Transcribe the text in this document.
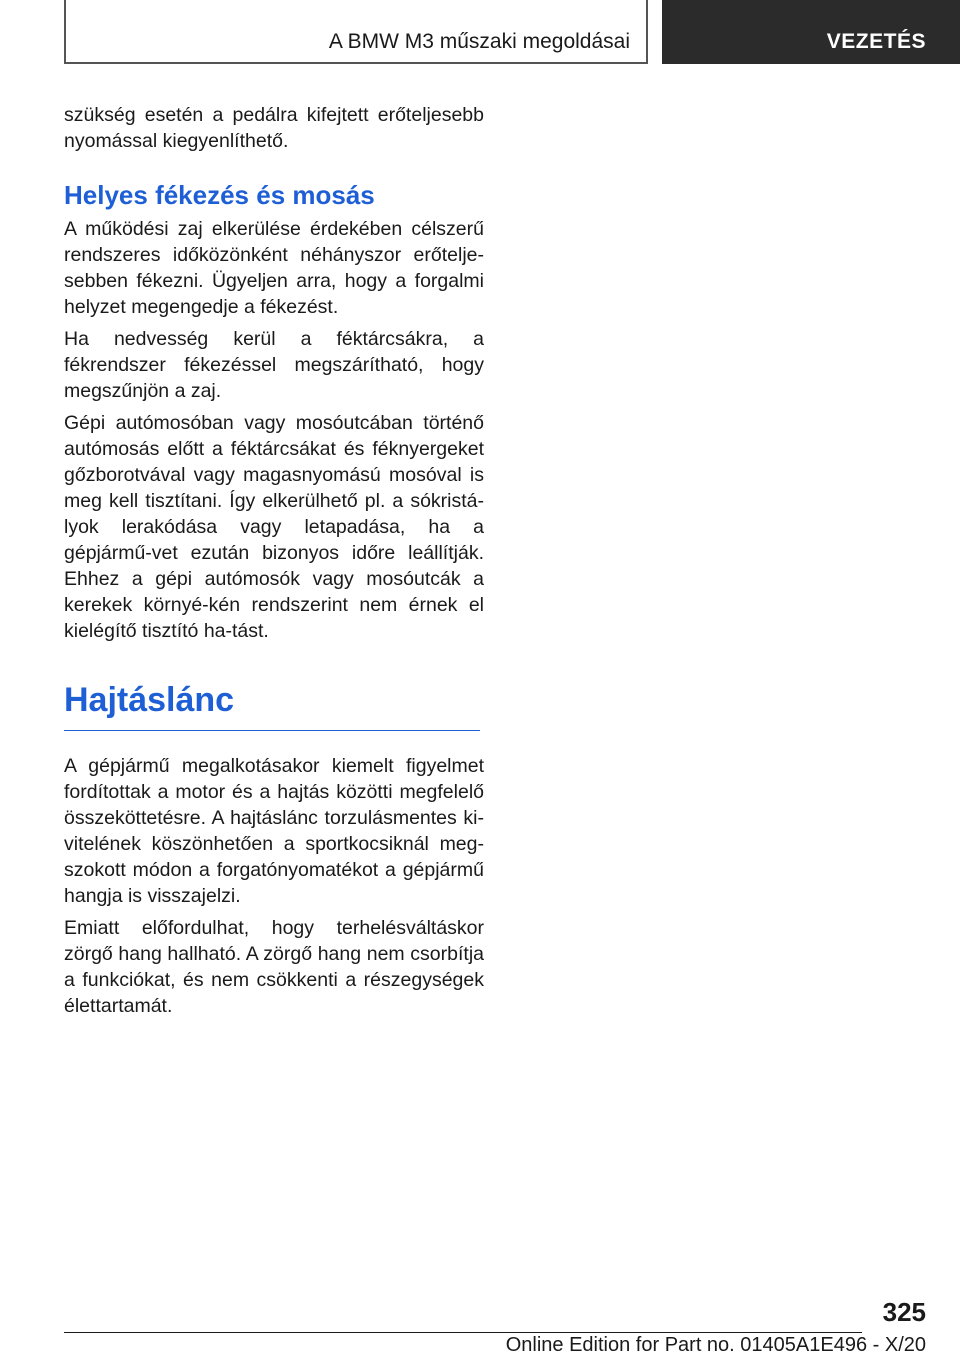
A BMW M3 műszaki megoldásai	VEZETÉS

szükség esetén a pedálra kifejtett erőteljesebb nyomással kiegyenlíthető.

Helyes fékezés és mosás

A működési zaj elkerülése érdekében célszerű rendszeres időközönként néhányszor erőtelje-sebben fékezni. Ügyeljen arra, hogy a forgalmi helyzet megengedje a fékezést.

Ha nedvesség kerül a féktárcsákra, a fékrendszer fékezéssel megszárítható, hogy megszűnjön a zaj.

Gépi autómosóban vagy mosóutcában történő autómosás előtt a féktárcsákat és féknyergeket gőzborotvával vagy magasnyomású mosóval is meg kell tisztítani. Így elkerülhető pl. a sókristá-lyok lerakódása vagy letapadása, ha a gépjármű-vet ezután bizonyos időre leállítják. Ehhez a gépi autómosók vagy mosóutcák a kerekek környé-kén rendszerint nem érnek el kielégítő tisztító ha-tást.

Hajtáslánc

A gépjármű megalkotásakor kiemelt figyelmet fordítottak a motor és a hajtás közötti megfelelő összeköttetésre. A hajtáslánc torzulásmentes ki-vitelének köszönhetően a sportkocsiknál meg-szokott módon a forgatónyomatékot a gépjármű hangja is visszajelzi.

Emiatt előfordulhat, hogy terhelésváltáskor zörgő hang hallható. A zörgő hang nem csorbítja a funkciókat, és nem csökkenti a részegységek élettartamát.

325
Online Edition for Part no. 01405A1E496 - X/20
